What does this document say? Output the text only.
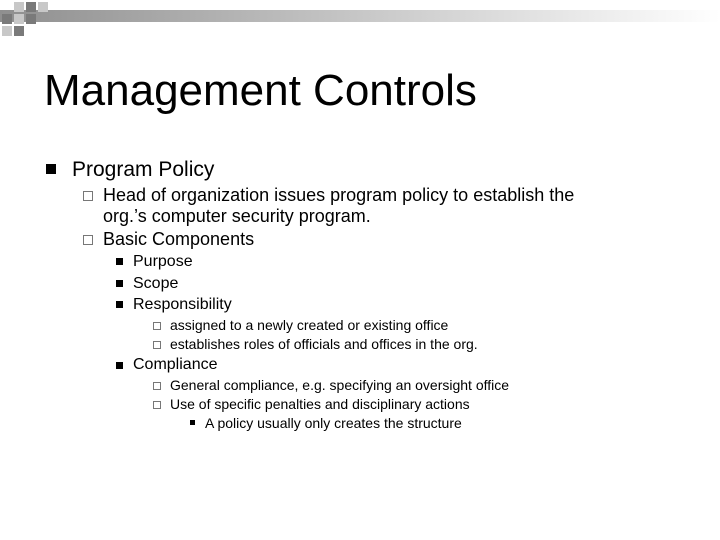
Management Controls
Program Policy
Head of organization issues program policy to establish the
org.’s computer security program.
Basic Components
Purpose
Scope
Responsibility
assigned to a newly created or existing office
establishes roles of officials and offices in the org.
Compliance
General compliance, e.g. specifying an oversight office
Use of specific penalties and disciplinary actions
A policy usually only creates the structure
